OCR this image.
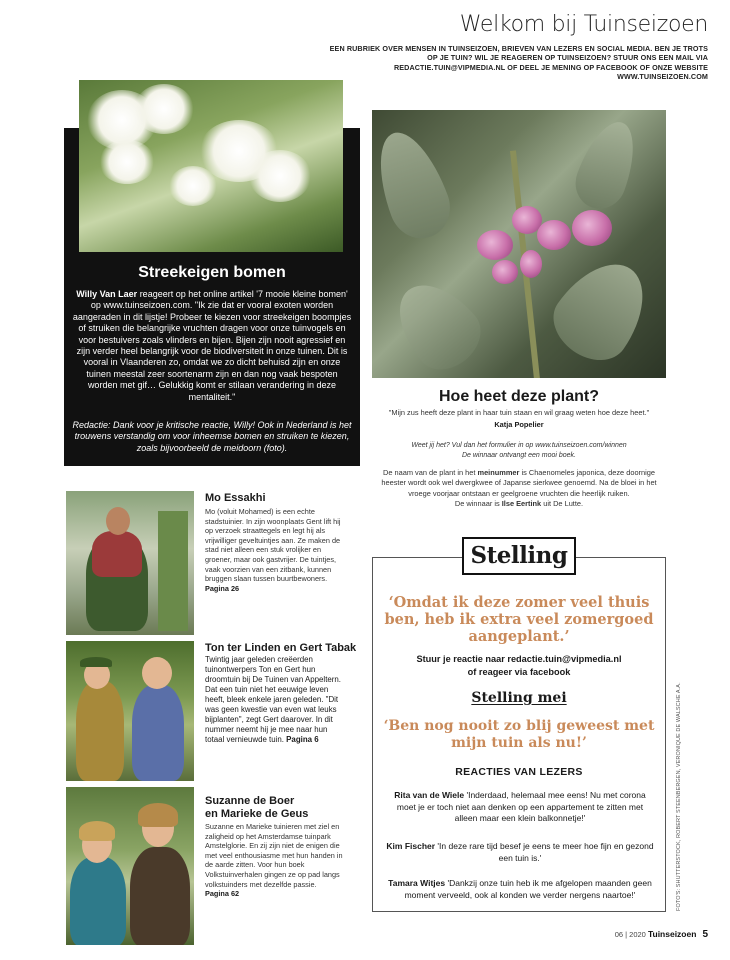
Welkom bij Tuinseizoen
EEN RUBRIEK OVER MENSEN IN TUINSEIZOEN, BRIEVEN VAN LEZERS EN SOCIAL MEDIA. BEN JE TROTS OP JE TUIN? WIL JE REAGEREN OP TUINSEIZOEN? STUUR ONS EEN MAIL VIA REDACTIE.TUIN@VIPMEDIA.NL OF DEEL JE MENING OP FACEBOOK OF ONZE WEBSITE WWW.TUINSEIZOEN.COM
Streekeigen bomen
Willy Van Laer reageert op het online artikel '7 mooie kleine bomen' op www.tuinseizoen.com. "Ik zie dat er vooral exoten worden aangeraden in dit lijstje! Probeer te kiezen voor streekeigen boompjes of struiken die belangrijke vruchten dragen voor onze tuinvogels en voor bestuivers zoals vlinders en bijen. Bijen zijn nooit agressief en zijn verder heel belangrijk voor de biodiversiteit in onze tuinen. Dit is vooral in Vlaanderen zo, omdat we zo dicht behuisd zijn en onze tuinen meestal zeer soortenarm zijn en dan nog vaak bespoten worden met gif… Gelukkig komt er stilaan verandering in deze mentaliteit."
Redactie: Dank voor je kritische reactie, Willy! Ook in Nederland is het trouwens verstandig om voor inheemse bomen en struiken te kiezen, zoals bijvoorbeeld de meidoorn (foto).
Hoe heet deze plant?
"Mijn zus heeft deze plant in haar tuin staan en wil graag weten hoe deze heet."
Katja Popelier
Weet jij het? Vul dan het formulier in op www.tuinseizoen.com/winnen
De winnaar ontvangt een mooi boek.
De naam van de plant in het meinummer is Chaenomeles japonica, deze doornige heester wordt ook wel dwergkwee of Japanse sierkwee genoemd. Na de bloei in het vroege voorjaar ontstaan er geelgroene vruchten die heerlijk ruiken.
De winnaar is Ilse Eertink uit De Lutte.
Mo Essakhi
Mo (voluit Mohamed) is een echte stadstuinier. In zijn woonplaats Gent lift hij op verzoek straattegels en legt hij als vrijwilliger geveltuintjes aan. Ze maken de stad niet alleen een stuk vrolijker en groener, maar ook gastvrijer. De tuintjes, vaak voorzien van een zitbank, kunnen bruggen slaan tussen buurtbewoners.
Pagina 26
Ton ter Linden en Gert Tabak
Twintig jaar geleden creëerden tuinontwerpers Ton en Gert hun droomtuin bij De Tuinen van Appeltern. Dat een tuin niet het eeuwige leven heeft, bleek enkele jaren geleden. "Dit was geen kwestie van even wat leuks bijplanten", zegt Gert daarover. In dit nummer neemt hij je mee naar hun totaal vernieuwde tuin. Pagina 6
Suzanne de Boer
en Marieke de Geus
Suzanne en Marieke tuinieren met ziel en zaligheid op het Amsterdamse tuinpark Amstelglorie. En zij zijn niet de enigen die met veel enthousiasme met hun handen in de aarde zitten. Voor hun boek Volkstuinverhalen gingen ze op pad langs volkstuinders met dezelfde passie.
Pagina 62
Stelling
‘Omdat ik deze zomer veel thuis ben, heb ik extra veel zomergoed aangeplant.’
Stuur je reactie naar redactie.tuin@vipmedia.nl
of reageer via facebook
Stelling mei
‘Ben nog nooit zo blij geweest met mijn tuin als nu!’
REACTIES VAN LEZERS
Rita van de Wiele 'Inderdaad, helemaal mee eens! Nu met corona moet je er toch niet aan denken op een appartement te zitten met alleen maar een klein balkonnetje!'
Kim Fischer 'In deze rare tijd besef je eens te meer hoe fijn en gezond een tuin is.'
Tamara Witjes 'Dankzij onze tuin heb ik me afgelopen maanden geen moment verveeld, ook al konden we verder nergens naartoe!'	FOTO'S: SHUTTERSTOCK, ROBERT STEENBERGEN, VERONIQUE DE WALSCHE A.A.
06 | 2020 Tuinseizoen 5
